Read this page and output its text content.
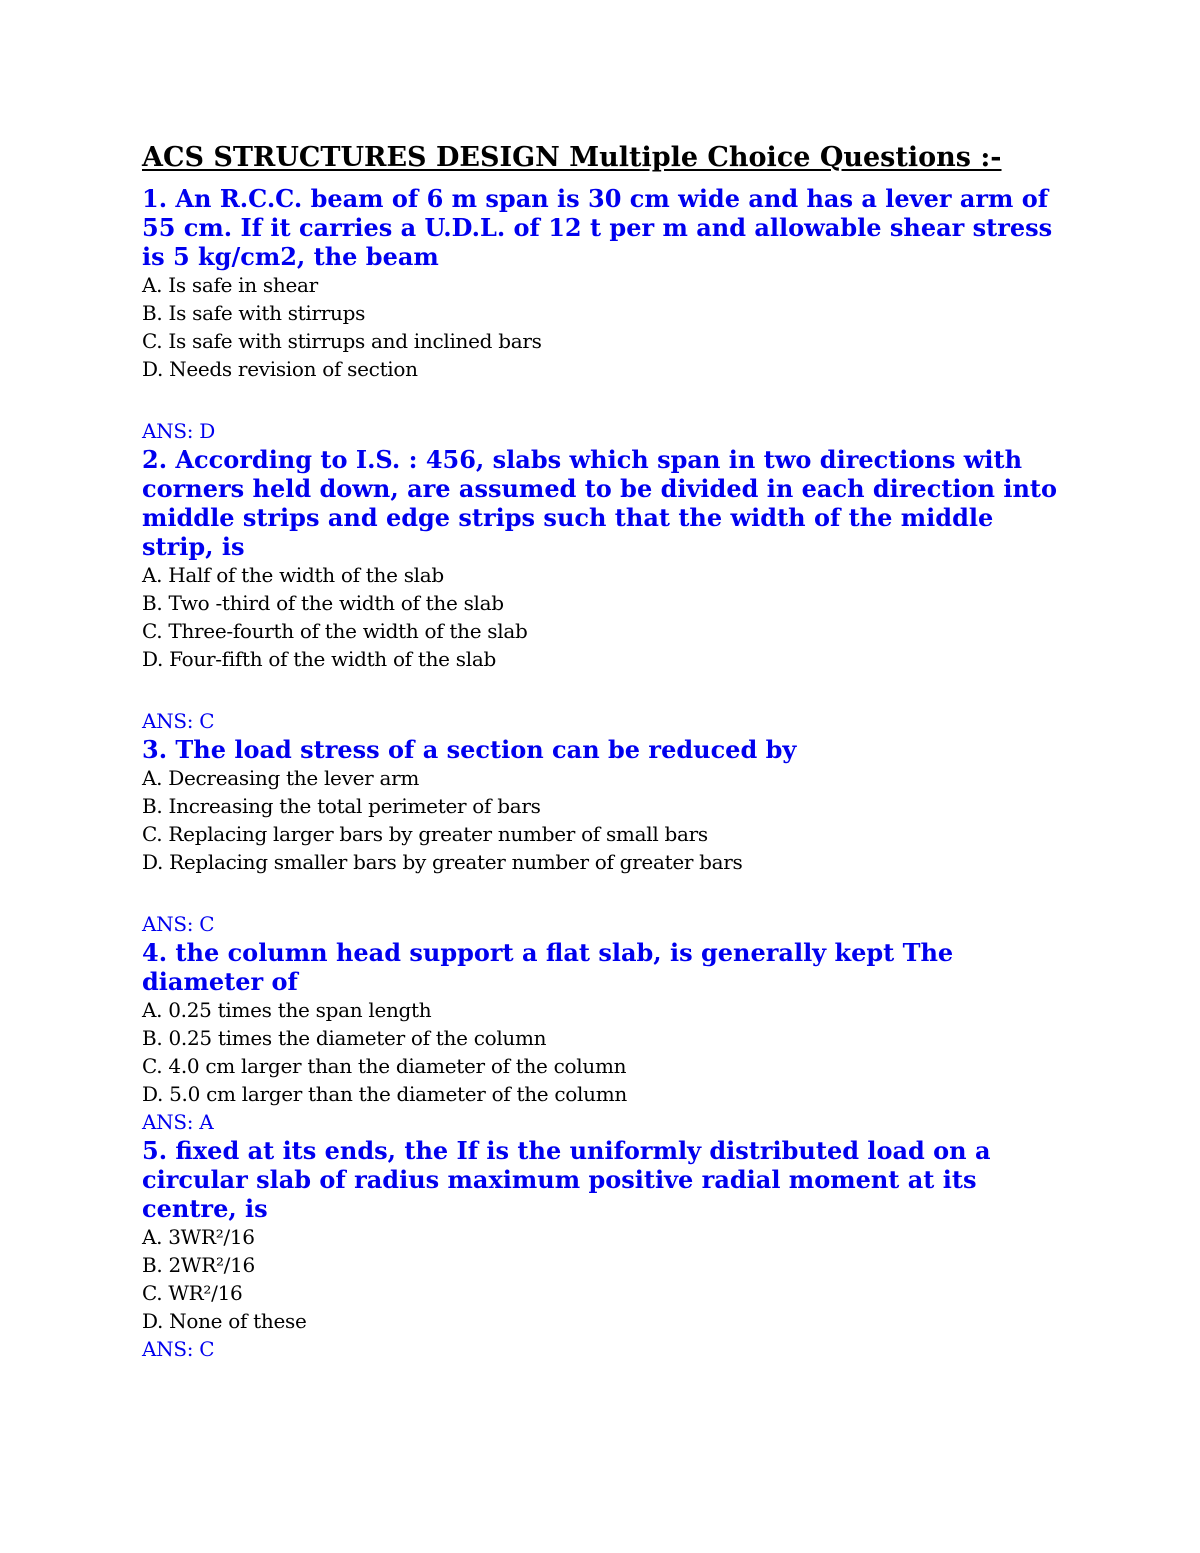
ACS STRUCTURES DESIGN Multiple Choice Questions :-

1. An R.C.C. beam of 6 m span is 30 cm wide and has a lever arm of 55 cm. If it carries a U.D.L. of 12 t per m and allowable shear stress is 5 kg/cm2, the beam

A. Is safe in shear
B. Is safe with stirrups
C. Is safe with stirrups and inclined bars
D. Needs revision of section
ANS: D

2. According to I.S. : 456, slabs which span in two directions with corners held down, are assumed to be divided in each direction into middle strips and edge strips such that the width of the middle strip, is

A. Half of the width of the slab
B. Two -third of the width of the slab
C. Three-fourth of the width of the slab
D. Four-fifth of the width of the slab
ANS: C

3. The load stress of a section can be reduced by

A. Decreasing the lever arm
B. Increasing the total perimeter of bars
C. Replacing larger bars by greater number of small bars
D. Replacing smaller bars by greater number of greater bars
ANS: C

4. the column head support a flat slab, is generally kept The diameter of

A. 0.25 times the span length
B. 0.25 times the diameter of the column
C. 4.0 cm larger than the diameter of the column
D. 5.0 cm larger than the diameter of the column
ANS: A

5. fixed at its ends, the If is the uniformly distributed load on a circular slab of radius maximum positive radial moment at its centre, is

A. 3WR²/16
B. 2WR²/16
C. WR²/16
D. None of these
ANS: C
